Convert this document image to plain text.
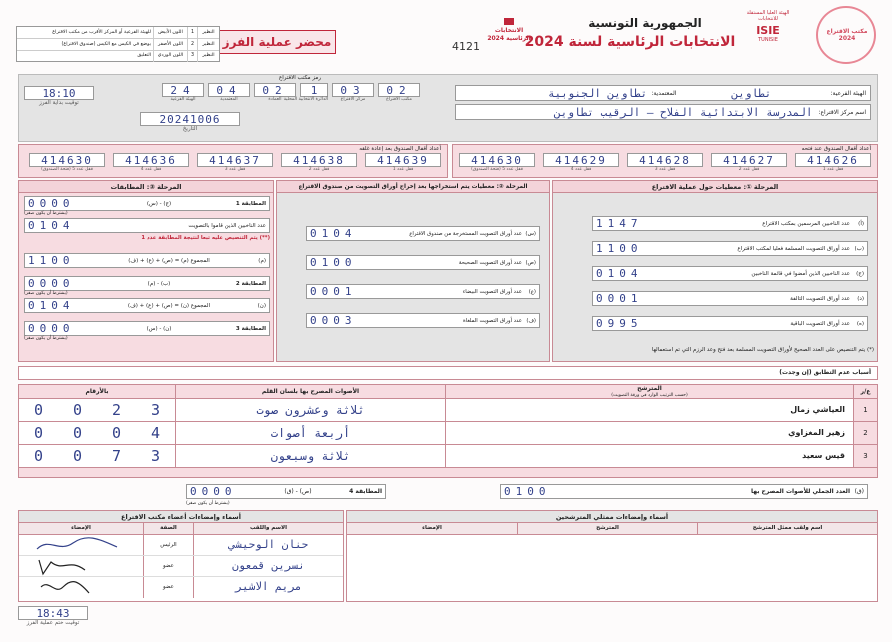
مكتب الاقتراع 2024
الهيئة العليا المستقلة للانتخابات
ISIE
TUNISIE
الجمهورية التونسية
الانتخابات الرئاسية لسنة 2024
الانتخابات الرئاسية 2024
4121
محضر عملية الفرز
النظير
1
اللون الأبيض
للهيئة الفرعية أو المركز الأقرب من مكتب الاقتراع
النظير
2
اللون الأصفر
يوضع في الكيس مع الكيس (صندوق الاقتراع)
النظير
3
اللون الوردي
التعليق
رمز مكتب الاقتراع
02
مكتب الاقتراع
03
مركز الاقتراع
1
الدائرة الانتخابية المحلية
02
العمادة
04
المعتمدية
24
الهيئة الفرعية
18:10
توقيت بداية الفرز
20241006
التاريخ
الهيئة الفرعية:
تطاوين
المعتمدية:
تطاوين الجنوبية
اسم مركز الاقتراع:
المدرسة الابتدائية الفلاح – الرقيب تطاوين
أعداد أقفال الصندوق عند فتحه
414626
قفل عدد 1
414627
قفل عدد 2
414628
قفل عدد 3
414629
قفل عدد 4
414630
قفل عدد 5 (فتحة الصندوق)
أعداد أقفال الصندوق بعد إعادة غلقه
414639
قفل عدد 1
414638
قفل عدد 2
414637
قفل عدد 3
414636
قفل عدد 4
414630
قفل عدد 5 (فتحة الصندوق)
المرحلة ①: معطيات حول عملية الاقتراع
(أ)
عدد الناخبين المرسمين بمكتب الاقتراع
1147
(ب)
عدد أوراق التصويت المسلمة فعليا لمكتب الاقتراع
1100
(ج)
عدد الناخبين الذين أمضوا في قائمة الناخبين
0104
(د)
عدد أوراق التصويت التالفة
0001
(ه)
عدد أوراق التصويت الباقية
0995
(*) يتم التنصيص على العدد الصحيح لأوراق التصويت المسلمة بعد فتح وعد الرزم التي تم استعمالها
المرحلة ②: معطيات يتم استخراجها بعد إخراج أوراق التصويت من صندوق الاقتراع
(س)
عدد أوراق التصويت المستخرجة من صندوق الاقتراع
0104
(ص)
عدد أوراق التصويت الصحيحة
0100
(ع)
عدد أوراق التصويت البيضاء
0001
(ف)
عدد أوراق التصويت الملغاة
0003
المرحلة ③: المطابقات
المطابقة 1
(ج) - (س)
0000
(يشترط أن يكون صفر)
عدد الناخبين الذين قاموا بالتصويت
0104
(**) يتم التنصيص عليه تبعا لنتيجة المطابقة عدد 1
(م)
المجموع (م) = (ص) + (ع) + (ف)
1100
المطابقة 2
(ب) - (م)
0000
(يشترط أن يكون صفر)
(ن)
المجموع (ن) = (ص) + (ع) + (ف)
0104
المطابقة 3
(ن) - (س)
0000
(يشترط أن يكون صفر)
أسباب عدم التطابق (إن وجدت)
ع/ر
المترشح
(حسب الترتيب الوارد في ورقة التصويت)
الأصوات المصرح بها بلسان القلم
بالأرقام
1
العياشي زمال
ثلاثة وعشرون صوت
0 0 2 3
2
زهير المغزاوي
أربعة أصوات
0 0 0 4
3
قيس سعيد
ثلاثة وسبعون
0 0 7 3
(ق)
العدد الجملي للأصوات المصرح بها
0100
المطابقة 4
(ص) - (ق)
0000
(يشترط أن يكون صفر)
أسماء وإمضاءات ممثلي المترشحين
اسم ولقب ممثل المترشح
المترشح
الإمضاء
أسماء وإمضاءات أعضاء مكتب الاقتراع
الاسم واللقب
الصفة
الإمضاء
حنان الوحيشي
الرئيس
نسرين قمعون
عضو
مريم الاشير
عضو
18:43
توقيت ختم عملية الفرز
